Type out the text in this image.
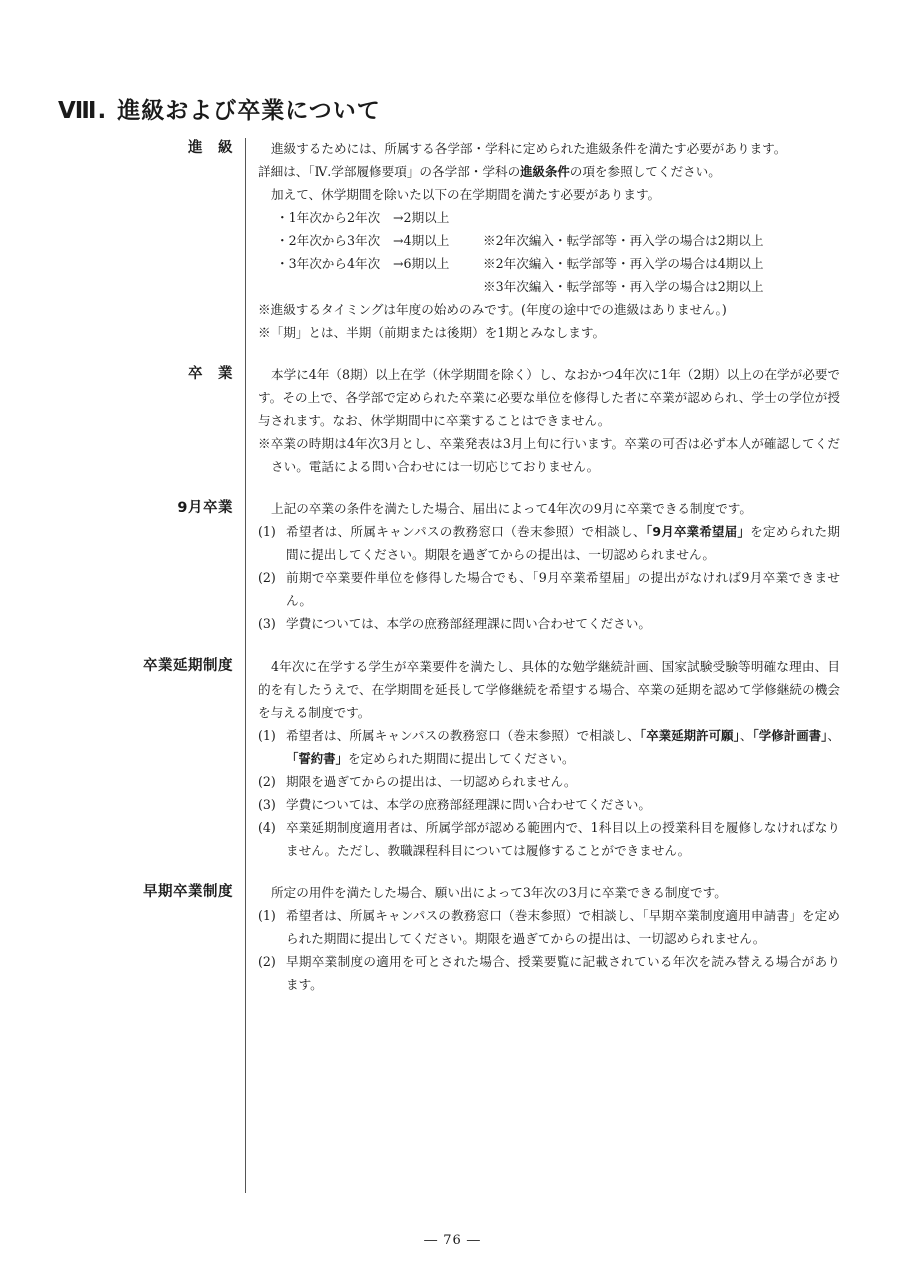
Ⅷ. 進級および卒業について
進　級	進級するためには、所属する各学部・学科に定められた進級条件を満たす必要があります。

詳細は、「Ⅳ.学部履修要項」の各学部・学科の進級条件の項を参照してください。

加えて、休学期間を除いた以下の在学期間を満たす必要があります。

・1年次から2年次 →2期以上
・2年次から3年次 →4期以上	※2年次編入・転学部等・再入学の場合は2期以上
・3年次から4年次 →6期以上	※2年次編入・転学部等・再入学の場合は4期以上
※3年次編入・転学部等・再入学の場合は2期以上

※進級するタイミングは年度の始めのみです。(年度の途中での進級はありません。)

※「期」とは、半期（前期または後期）を1期とみなします。

卒　業	本学に4年（8期）以上在学（休学期間を除く）し、なおかつ4年次に1年（2期）以上の在学が必要です。その上で、各学部で定められた卒業に必要な単位を修得した者に卒業が認められ、学士の学位が授与されます。なお、休学期間中に卒業することはできません。

※卒業の時期は4年次3月とし、卒業発表は3月上旬に行います。卒業の可否は必ず本人が確認してください。電話による問い合わせには一切応じておりません。

9月卒業	上記の卒業の条件を満たした場合、届出によって4年次の9月に卒業できる制度です。

(1) 希望者は、所属キャンパスの教務窓口（巻末参照）で相談し、「9月卒業希望届」を定められた期間に提出してください。期限を過ぎてからの提出は、一切認められません。
(2) 前期で卒業要件単位を修得した場合でも、「9月卒業希望届」の提出がなければ9月卒業できません。
(3) 学費については、本学の庶務部経理課に問い合わせてください。
卒業延期制度	4年次に在学する学生が卒業要件を満たし、具体的な勉学継続計画、国家試験受験等明確な理由、目的を有したうえで、在学期間を延長して学修継続を希望する場合、卒業の延期を認めて学修継続の機会を与える制度です。

(1) 希望者は、所属キャンパスの教務窓口（巻末参照）で相談し、「卒業延期許可願」、「学修計画書」、「誓約書」を定められた期間に提出してください。
(2) 期限を過ぎてからの提出は、一切認められません。
(3) 学費については、本学の庶務部経理課に問い合わせてください。
(4) 卒業延期制度適用者は、所属学部が認める範囲内で、1科目以上の授業科目を履修しなければなりません。ただし、教職課程科目については履修することができません。
早期卒業制度	所定の用件を満たした場合、願い出によって3年次の3月に卒業できる制度です。

(1) 希望者は、所属キャンパスの教務窓口（巻末参照）で相談し、「早期卒業制度適用申請書」を定められた期間に提出してください。期限を過ぎてからの提出は、一切認められません。
(2) 早期卒業制度の適用を可とされた場合、授業要覧に記載されている年次を読み替える場合があります。
― 76 ―
